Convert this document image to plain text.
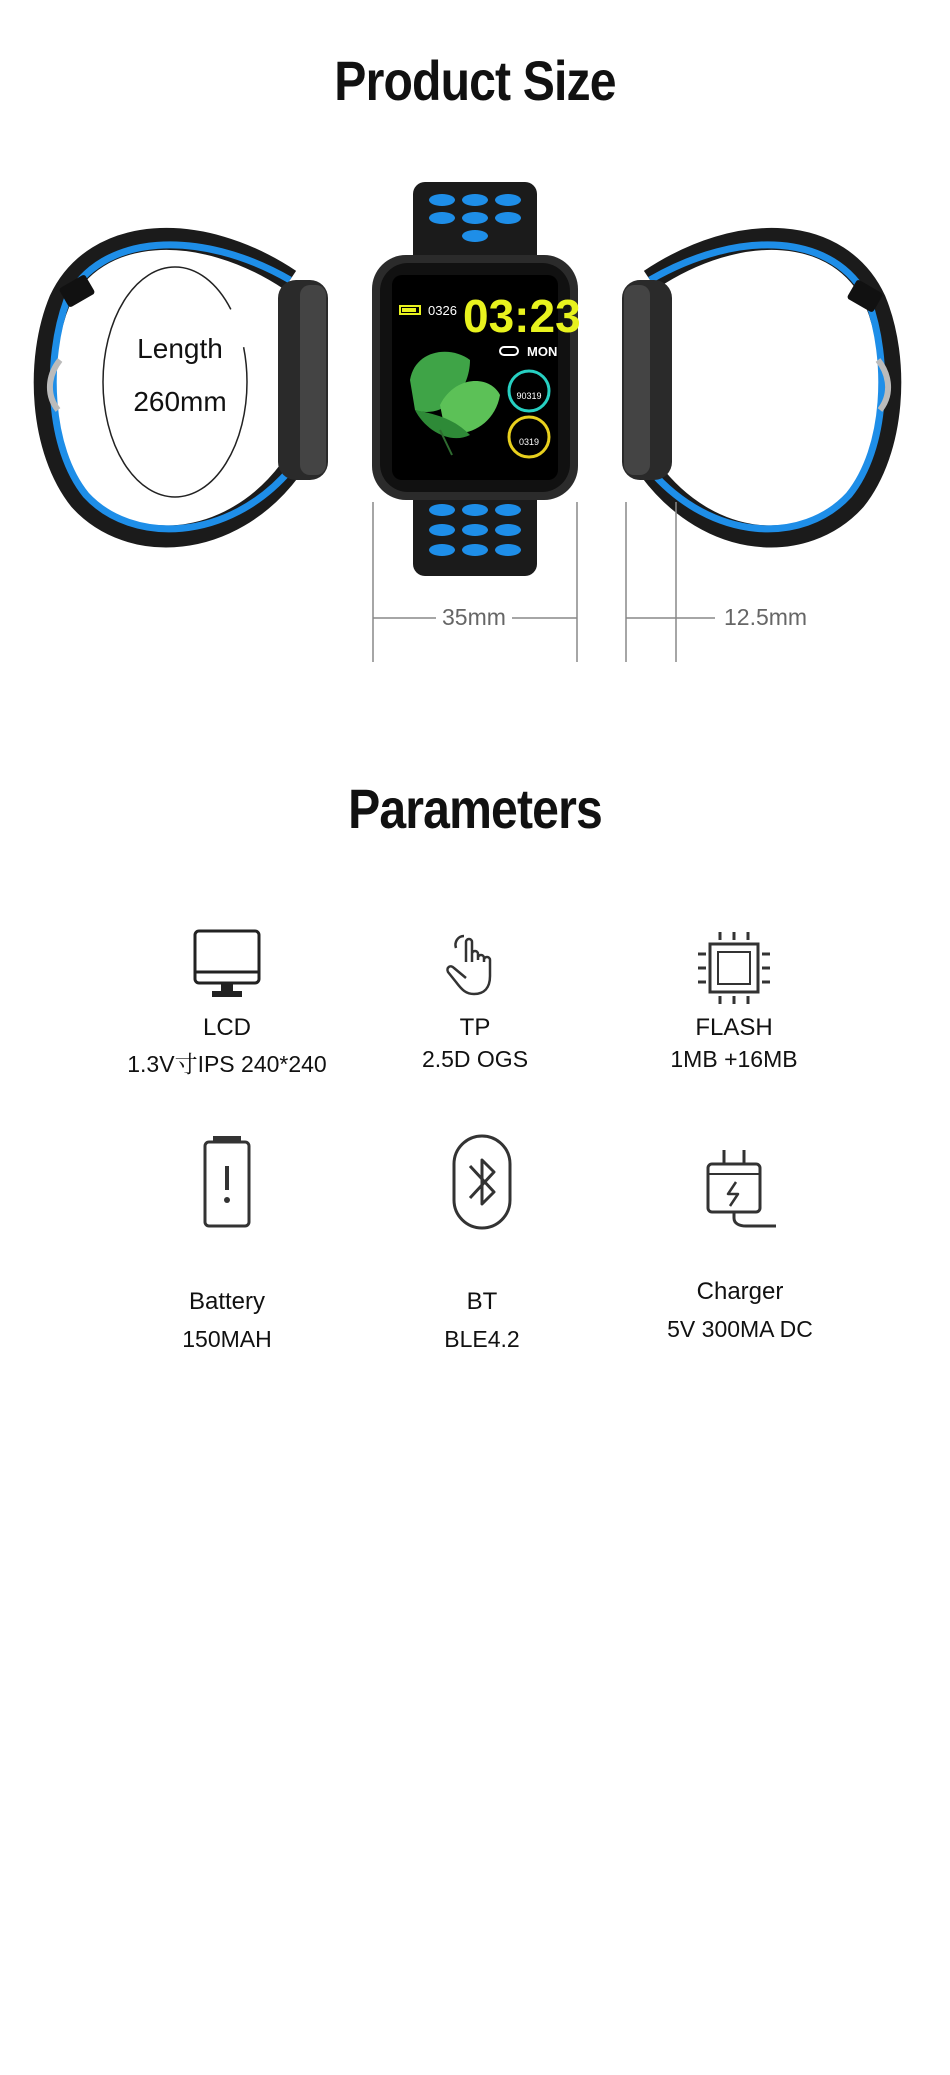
Product Size
0326 03:23
MON
90319
0319
Length
260mm
35mm	12.5mm
Parameters
LCD
1.3V寸IPS 240*240
TP
2.5D OGS
FLASH
1MB +16MB
Battery
150MAH
BT
BLE4.2
Charger
5V 300MA DC
